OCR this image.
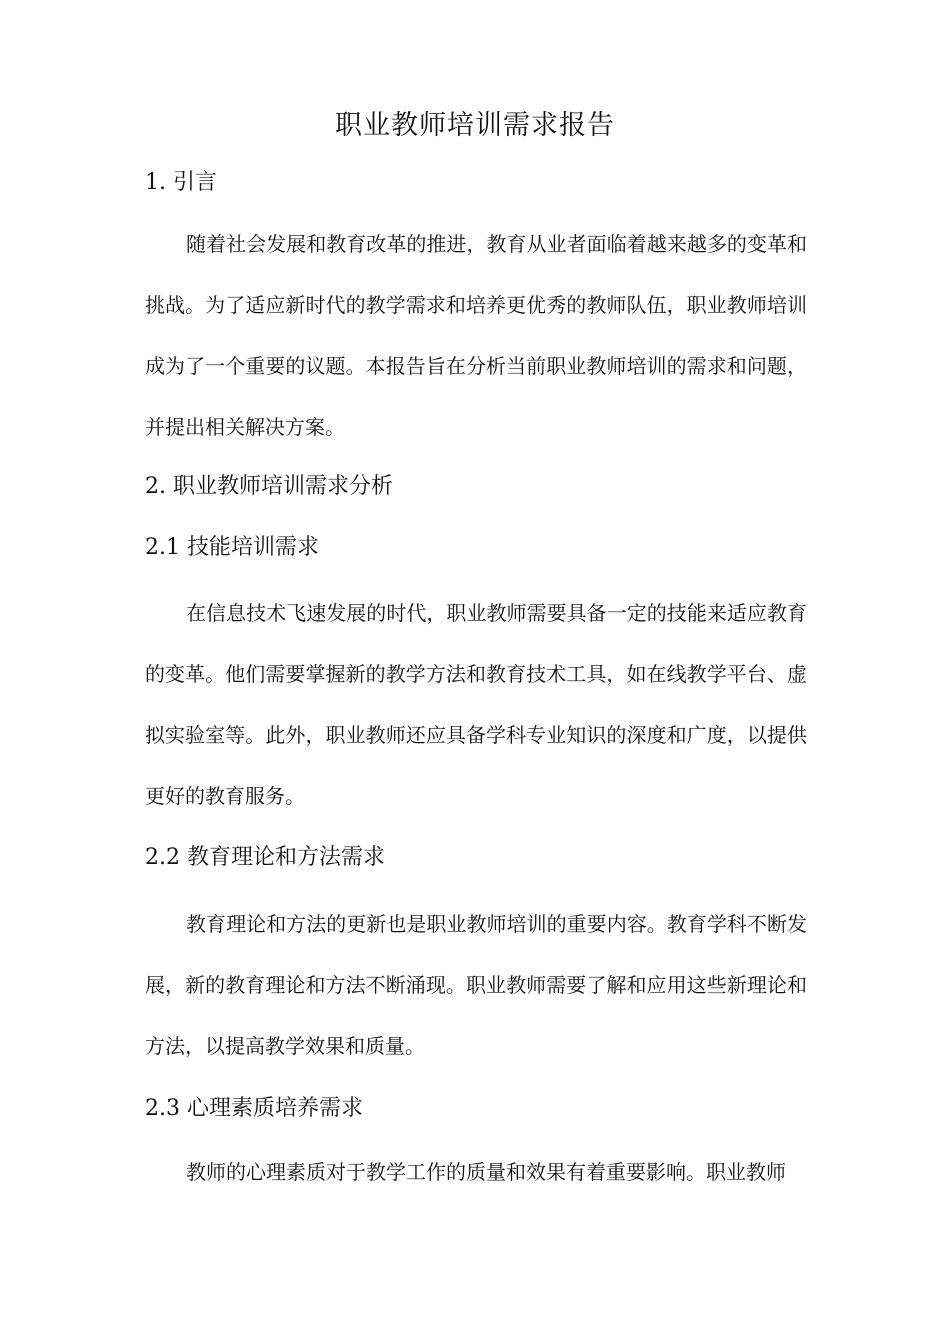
职业教师培训需求报告
1. 引言

随着社会发展和教育改革的推进，教育从业者面临着越来越多的变革和挑战。为了适应新时代的教学需求和培养更优秀的教师队伍，职业教师培训成为了一个重要的议题。本报告旨在分析当前职业教师培训的需求和问题，并提出相关解决方案。

2. 职业教师培训需求分析
2.1 技能培训需求

在信息技术飞速发展的时代，职业教师需要具备一定的技能来适应教育的变革。他们需要掌握新的教学方法和教育技术工具，如在线教学平台、虚拟实验室等。此外，职业教师还应具备学科专业知识的深度和广度，以提供更好的教育服务。

2.2 教育理论和方法需求

教育理论和方法的更新也是职业教师培训的重要内容。教育学科不断发展，新的教育理论和方法不断涌现。职业教师需要了解和应用这些新理论和方法，以提高教学效果和质量。

2.3 心理素质培养需求

教师的心理素质对于教学工作的质量和效果有着重要影响。职业教师
